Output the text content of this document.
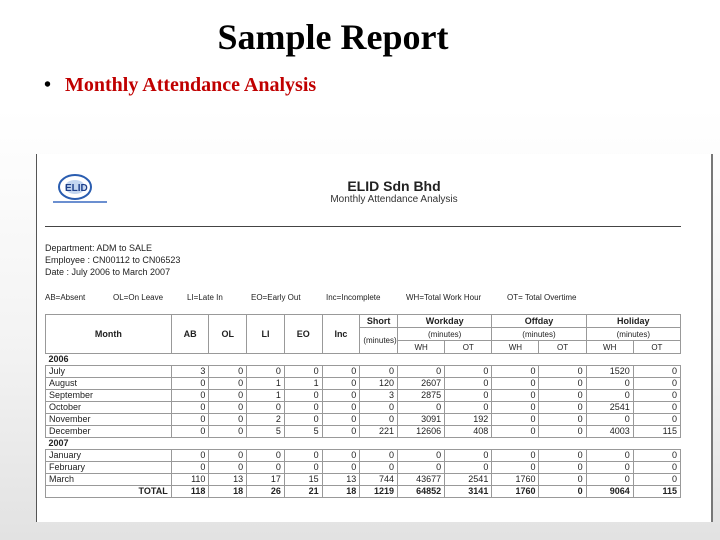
Sample Report
• Monthly Attendance Analysis
ELID	ELID Sdn Bhd
Monthly Attendance Analysis
Department: ADM to SALE
Employee : CN00112 to CN06523
Date : July 2006 to March 2007
AB=Absent	OL=On Leave	LI=Late In	EO=Early Out	Inc=Incomplete	WH=Total Work Hour	OT= Total Overtime
Month	AB	OL	LI	EO	Inc	Short	Workday		Offday		Holiday	
						(minutes)	(minutes)		(minutes)		(minutes)	
							WH	OT	WH	OT	WH	OT
2006												
July	3	0	0	0	0	0	0	0	0	0	1520	0
August	0	0	1	1	0	120	2607	0	0	0	0	0
September	0	0	1	0	0	3	2875	0	0	0	0	0
October	0	0	0	0	0	0	0	0	0	0	2541	0
November	0	0	2	0	0	0	3091	192	0	0	0	0
December	0	0	5	5	0	221	12606	408	0	0	4003	115
2007												
January	0	0	0	0	0	0	0	0	0	0	0	0
February	0	0	0	0	0	0	0	0	0	0	0	0
March	110	13	17	15	13	744	43677	2541	1760	0	0	0
TOTAL	118	18	26	21	18	1219	64852	3141	1760	0	9064	115
